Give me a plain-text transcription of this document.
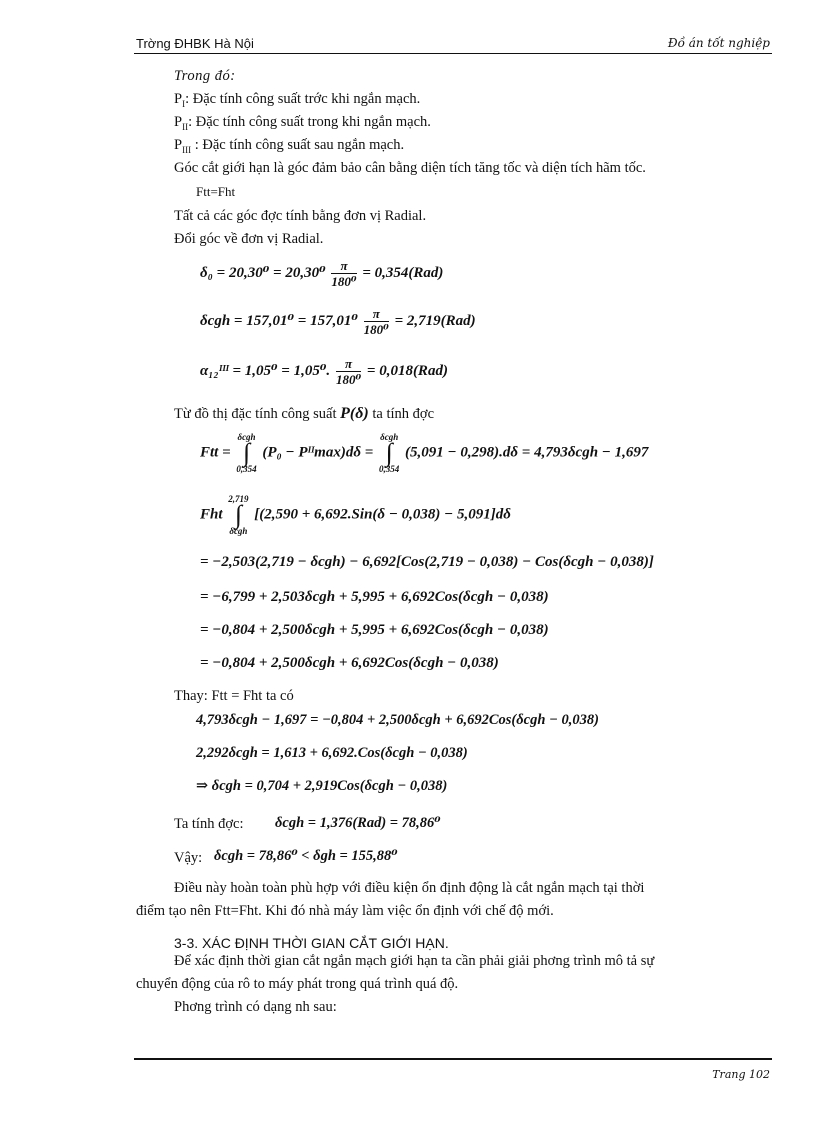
Trờng ĐHBK Hà Nội	Đồ án tốt nghiệp
Trong đó:
$P_I$: Đặc tính công suất trớc khi ngắn mạch.
$P_{II}$: Đặc tính công suất trong khi ngắn mạch.
$P_{III}$ : Đặc tính công suất sau ngắn mạch.
Góc cắt giới hạn là góc đảm bảo cân bằng diện tích tăng tốc và diện tích hãm tốc.
Ftt=Fht
Tất cả các góc đợc tính bằng đơn vị Radial.
Đổi góc về đơn vị Radial.
$\delta_0 = 20,30^0 = 20,30^0 \frac{\pi}{\text{180⁰}} = 0,354(Rad)$
$\delta cgh = 157,01^0 = 157,01^0 \frac{\pi}{\text{180⁰}} = 2,719(Rad)$
α₁₂ᴵᴵᴵ = 1,05⁰ = 1,05⁰. $\frac{\pi}{\text{180⁰}} = 0,018(Rad)$
Từ đồ thị đặc tính công suất P(δ) ta tính đợc
Ftt = δcgh
∫
0,354 (P₀ − Pᴵᴵmax)dδ = δcgh
∫
0,354 (5,091 − 0,298).dδ = 4,793δcgh − 1,697
Fht 2,719
∫
δcgh [(2,590 + 6,692.Sin(δ − 0,038) − 5,091]dδ
= −2,503(2,719 − δcgh) − 6,692[Cos(2,719 − 0,038) − Cos(δcgh − 0,038)]
= −6,799 + 2,503δcgh + 5,995 + 6,692Cos(δcgh − 0,038)
= −0,804 + 2,500δcgh + 5,995 + 6,692Cos(δcgh − 0,038)
= −0,804 + 2,500δcgh + 6,692Cos(δcgh − 0,038)
Thay: Ftt = Fht ta có
4,793δcgh − 1,697 = −0,804 + 2,500δcgh + 6,692Cos(δcgh − 0,038)
2,292δcgh = 1,613 + 6,692.Cos(δcgh − 0,038)
⇒ δcgh = 0,704 + 2,919Cos(δcgh − 0,038)
Ta tính đợc: δcgh = 1,376(Rad) = 78,86⁰
Vậy: δcgh = 78,86⁰ < δgh = 155,88⁰
Điều này hoàn toàn phù hợp với điều kiện ổn định động là cắt ngắn mạch tại thời
điểm tạo nên Ftt=Fht. Khi đó nhà máy làm việc ổn định với chế độ mới.
3-3. XÁC ĐỊNH THỜI GIAN CẮT GIỚI HẠN.
Để xác định thời gian cắt ngắn mạch giới hạn ta cần phải giải phơng trình mô tả sự
chuyển động của rô to máy phát trong quá trình quá độ.
Phơng trình có dạng nh sau:
Trang 102
